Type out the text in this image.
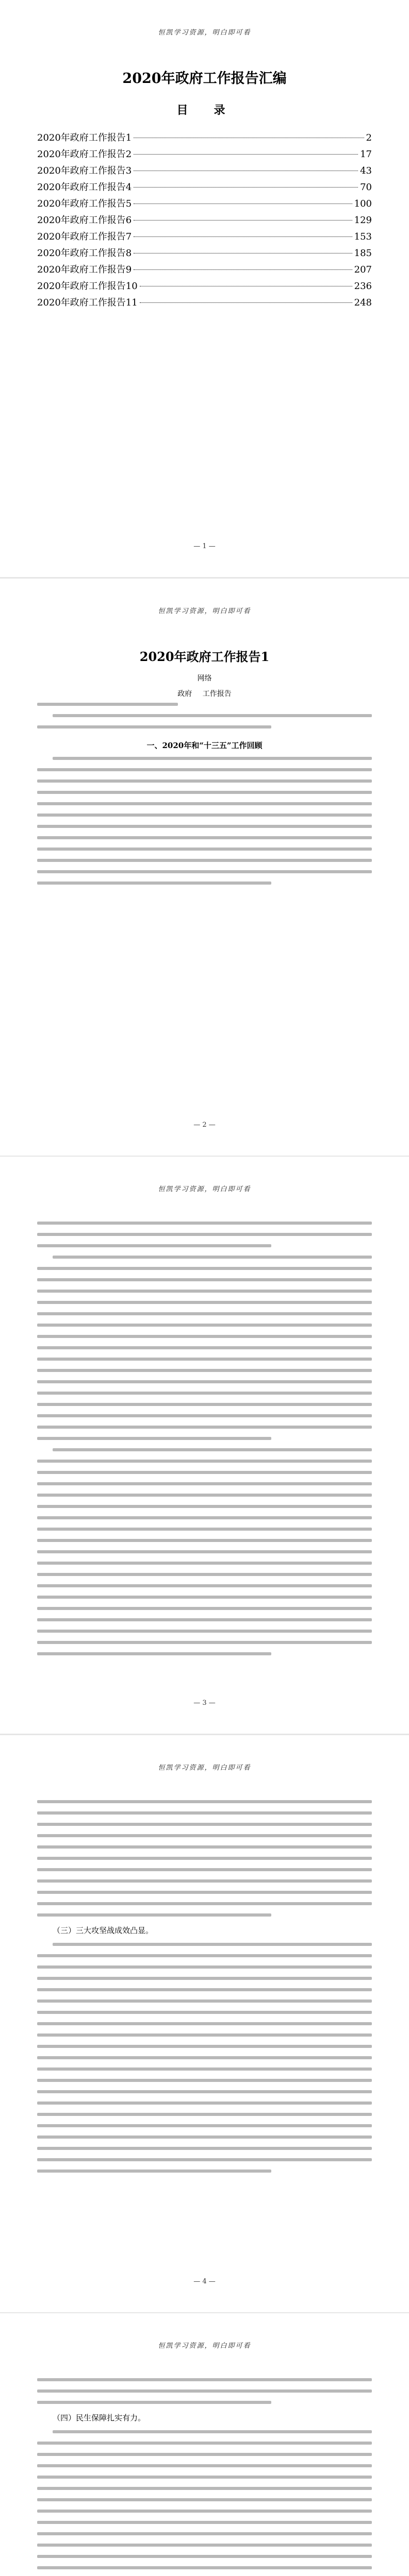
恒凯学习资源，明白即可看
2020年政府工作报告汇编
目　录
2020年政府工作报告1	2
2020年政府工作报告2	17
2020年政府工作报告3	43
2020年政府工作报告4	70
2020年政府工作报告5	100
2020年政府工作报告6	129
2020年政府工作报告7	153
2020年政府工作报告8	185
2020年政府工作报告9	207
2020年政府工作报告10	236
2020年政府工作报告11	248
— 1 —
恒凯学习资源，明白即可看
2020年政府工作报告1
网络
政府 工作报告
一、2020年和“十三五”工作回顾
— 2 —
恒凯学习资源，明白即可看
— 3 —
恒凯学习资源，明白即可看
（三）三大攻坚战成效凸显。
— 4 —
恒凯学习资源，明白即可看
（四）民生保障扎实有力。
